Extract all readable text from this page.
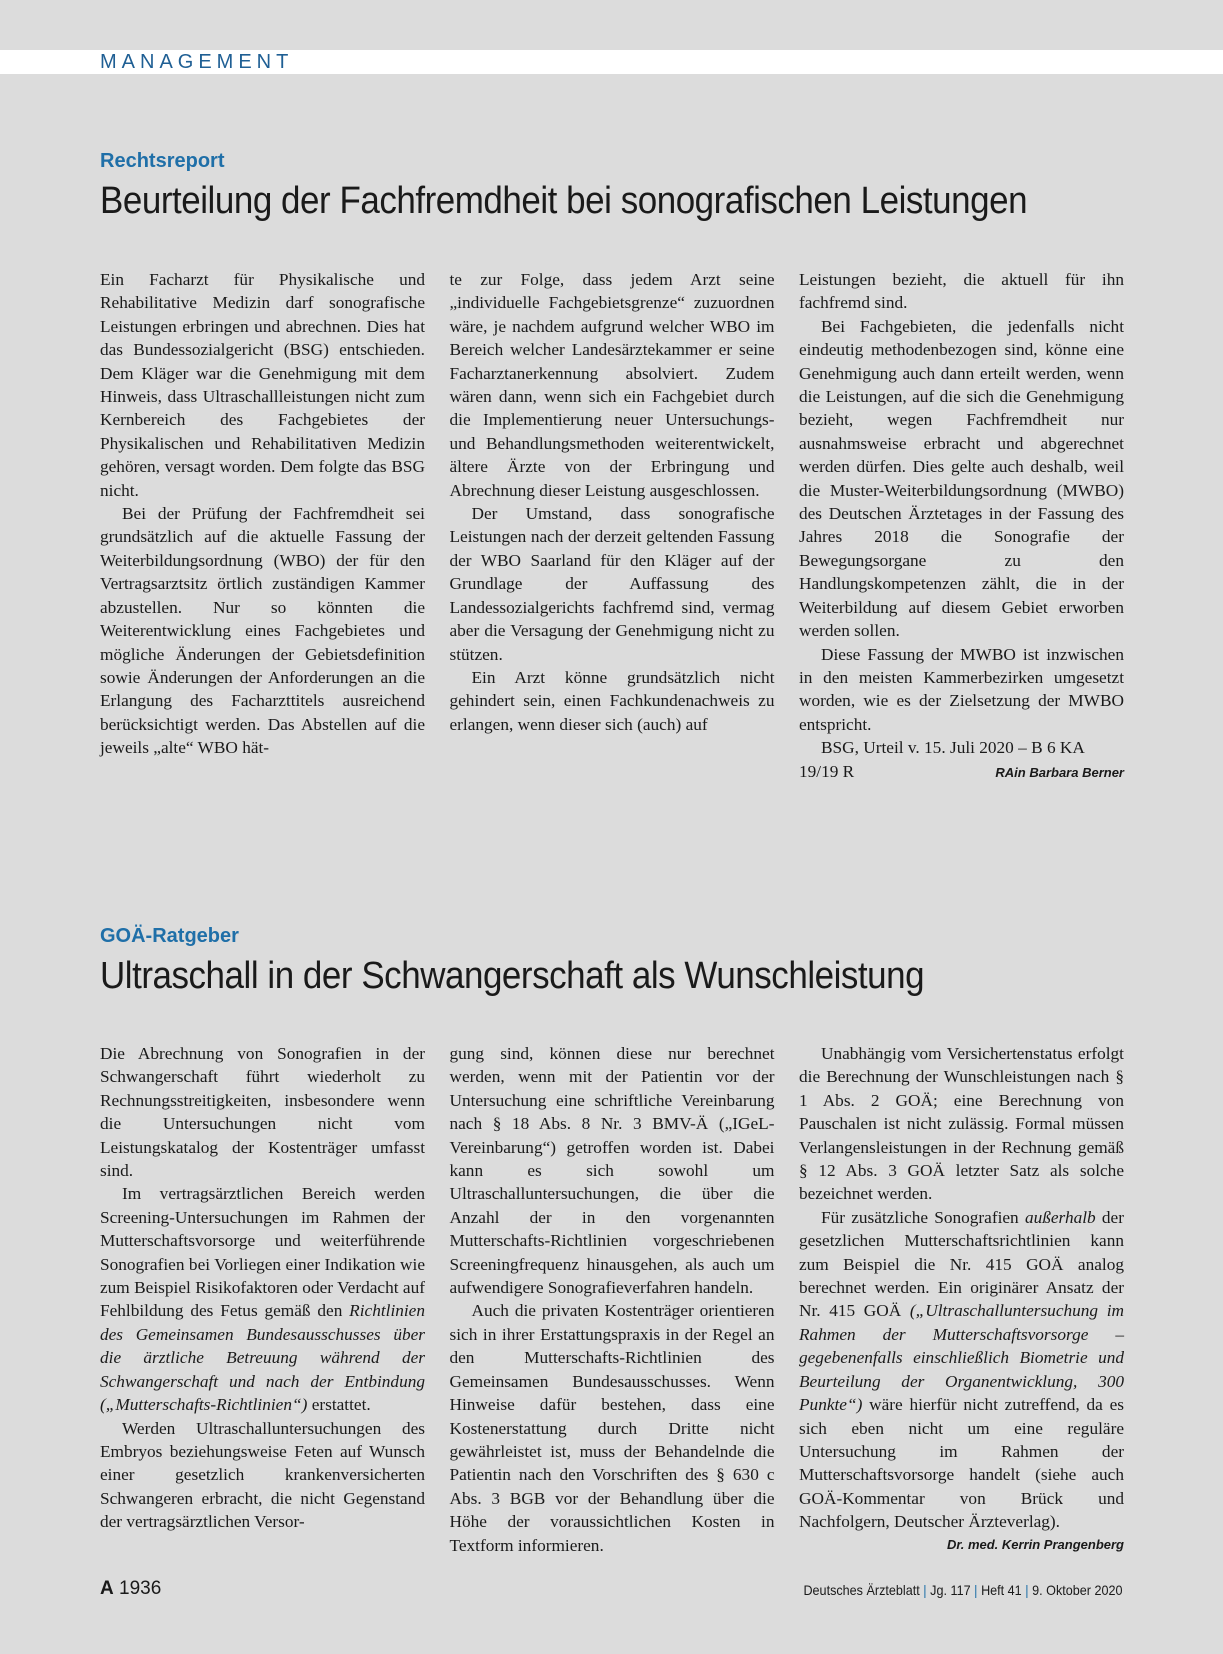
MANAGEMENT
Rechtsreport
Beurteilung der Fachfremdheit bei sonografischen Leistungen

Ein Facharzt für Physikalische und Rehabilitative Medizin darf sonografische Leistungen erbringen und abrechnen. Dies hat das Bundessozialgericht (BSG) entschieden. Dem Kläger war die Genehmigung mit dem Hinweis, dass Ultraschallleistungen nicht zum Kernbereich des Fachgebietes der Physikalischen und Rehabilitativen Medizin gehören, versagt worden. Dem folgte das BSG nicht.

Bei der Prüfung der Fachfremdheit sei grundsätzlich auf die aktuelle Fassung der Weiterbildungsordnung (WBO) der für den Vertragsarztsitz örtlich zuständigen Kammer abzustellen. Nur so könnten die Weiterentwicklung eines Fachgebietes und mögliche Änderungen der Gebietsdefinition sowie Änderungen der Anforderungen an die Erlangung des Facharzttitels ausreichend berücksichtigt werden. Das Abstellen auf die jeweils „alte“ WBO hät-

te zur Folge, dass jedem Arzt seine „individuelle Fachgebietsgrenze“ zuzuordnen wäre, je nachdem aufgrund welcher WBO im Bereich welcher Landesärztekammer er seine Facharztanerkennung absolviert. Zudem wären dann, wenn sich ein Fachgebiet durch die Implementierung neuer Untersuchungs- und Behandlungsmethoden weiterentwickelt, ältere Ärzte von der Erbringung und Abrechnung dieser Leistung ausgeschlossen.

Der Umstand, dass sonografische Leistungen nach der derzeit geltenden Fassung der WBO Saarland für den Kläger auf der Grundlage der Auffassung des Landessozialgerichts fachfremd sind, vermag aber die Versagung der Genehmigung nicht zu stützen.

Ein Arzt könne grundsätzlich nicht gehindert sein, einen Fachkundenachweis zu erlangen, wenn dieser sich (auch) auf

Leistungen bezieht, die aktuell für ihn fachfremd sind.

Bei Fachgebieten, die jedenfalls nicht eindeutig methodenbezogen sind, könne eine Genehmigung auch dann erteilt werden, wenn die Leistungen, auf die sich die Genehmigung bezieht, wegen Fachfremdheit nur ausnahmsweise erbracht und abgerechnet werden dürfen. Dies gelte auch deshalb, weil die Muster-Weiterbildungsordnung (MWBO) des Deutschen Ärztetages in der Fassung des Jahres 2018 die Sonografie der Bewegungsorgane zu den Handlungskompetenzen zählt, die in der Weiterbildung auf diesem Gebiet erworben werden sollen.

Diese Fassung der MWBO ist inzwischen in den meisten Kammerbezirken umgesetzt worden, wie es der Zielsetzung der MWBO entspricht.

BSG, Urteil v. 15. Juli 2020 – B 6 KA

19/19 R	RAin Barbara Berner
GOÄ-Ratgeber
Ultraschall in der Schwangerschaft als Wunschleistung

Die Abrechnung von Sonografien in der Schwangerschaft führt wiederholt zu Rechnungsstreitigkeiten, insbesondere wenn die Untersuchungen nicht vom Leistungskatalog der Kostenträger umfasst sind.

Im vertragsärztlichen Bereich werden Screening-Untersuchungen im Rahmen der Mutterschaftsvorsorge und weiterführende Sonografien bei Vorliegen einer Indikation wie zum Beispiel Risikofaktoren oder Verdacht auf Fehlbildung des Fetus gemäß den Richtlinien des Gemeinsamen Bundesausschusses über die ärztliche Betreuung während der Schwangerschaft und nach der Entbindung („Mutterschafts-Richtlinien“) erstattet.

Werden Ultraschalluntersuchungen des Embryos beziehungsweise Feten auf Wunsch einer gesetzlich krankenversicherten Schwangeren erbracht, die nicht Gegenstand der vertragsärztlichen Versor-

gung sind, können diese nur berechnet werden, wenn mit der Patientin vor der Untersuchung eine schriftliche Vereinbarung nach § 18 Abs. 8 Nr. 3 BMV-Ä („IGeL-Vereinbarung“) getroffen worden ist. Dabei kann es sich sowohl um Ultraschalluntersuchungen, die über die Anzahl der in den vorgenannten Mutterschafts-Richtlinien vorgeschriebenen Screeningfrequenz hinausgehen, als auch um aufwendigere Sonografieverfahren handeln.

Auch die privaten Kostenträger orientieren sich in ihrer Erstattungspraxis in der Regel an den Mutterschafts-Richtlinien des Gemeinsamen Bundesausschusses. Wenn Hinweise dafür bestehen, dass eine Kostenerstattung durch Dritte nicht gewährleistet ist, muss der Behandelnde die Patientin nach den Vorschriften des § 630 c Abs. 3 BGB vor der Behandlung über die Höhe der voraussichtlichen Kosten in Textform informieren.

Unabhängig vom Versichertenstatus erfolgt die Berechnung der Wunschleistungen nach § 1 Abs. 2 GOÄ; eine Berechnung von Pauschalen ist nicht zulässig. Formal müssen Verlangensleistungen in der Rechnung gemäß § 12 Abs. 3 GOÄ letzter Satz als solche bezeichnet werden.

Für zusätzliche Sonografien außerhalb der gesetzlichen Mutterschaftsrichtlinien kann zum Beispiel die Nr. 415 GOÄ analog berechnet werden. Ein originärer Ansatz der Nr. 415 GOÄ („Ultraschalluntersuchung im Rahmen der Mutterschaftsvorsorge – gegebenenfalls einschließlich Biometrie und Beurteilung der Organentwicklung, 300 Punkte“) wäre hierfür nicht zutreffend, da es sich eben nicht um eine reguläre Untersuchung im Rahmen der Mutterschaftsvorsorge handelt (siehe auch GOÄ-Kommentar von Brück und Nachfolgern, Deutscher Ärzteverlag).

Dr. med. Kerrin Prangenberg
A 1936	Deutsches Ärzteblatt | Jg. 117 | Heft 41 | 9. Oktober 2020
